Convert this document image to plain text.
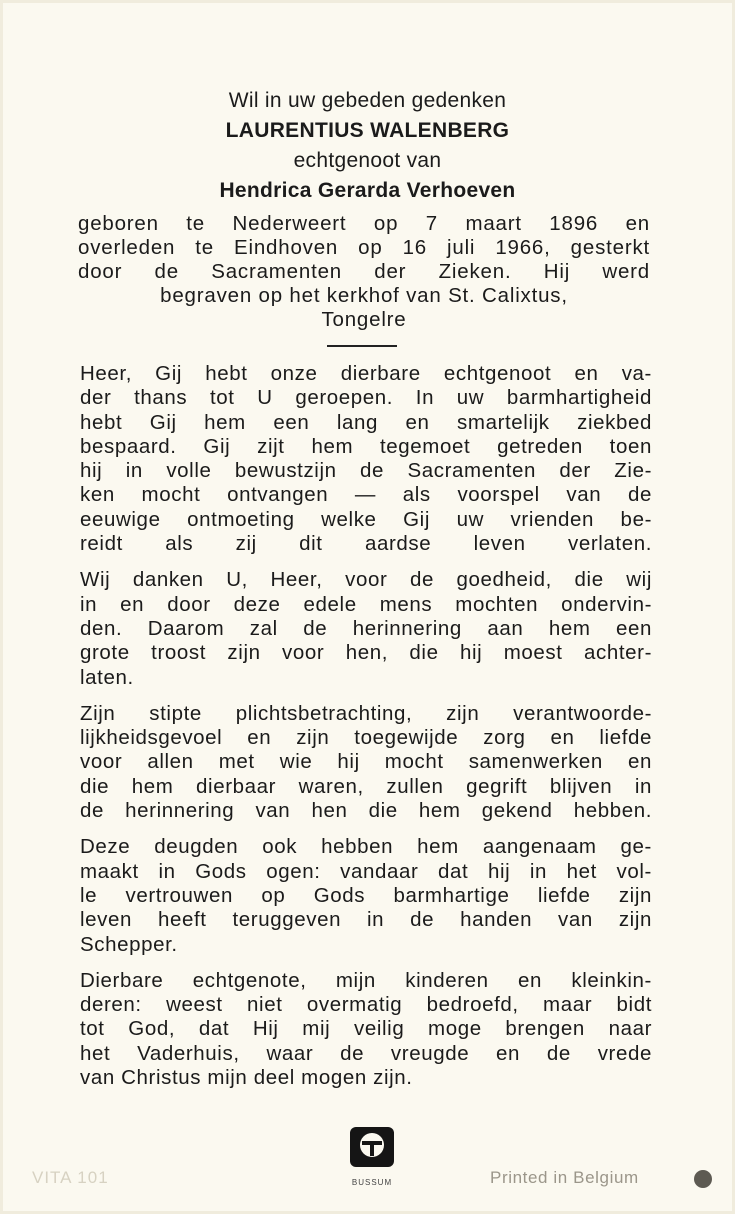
Wil in uw gebeden gedenken
LAURENTIUS WALENBERG
echtgenoot van
Hendrica Gerarda Verhoeven
geboren te Nederweert op 7 maart 1896 en
overleden te Eindhoven op 16 juli 1966, gesterkt
door de Sacramenten der Zieken. Hij werd
begraven op het kerkhof van St. Calixtus,
Tongelre
Heer, Gij hebt onze dierbare echtgenoot en va-
der thans tot U geroepen. In uw barmhartigheid
hebt Gij hem een lang en smartelijk ziekbed
bespaard. Gij zijt hem tegemoet getreden toen
hij in volle bewustzijn de Sacramenten der Zie-
ken mocht ontvangen — als voorspel van de
eeuwige ontmoeting welke Gij uw vrienden be-
reidt als zij dit aardse leven verlaten.
Wij danken U, Heer, voor de goedheid, die wij
in en door deze edele mens mochten ondervin-
den. Daarom zal de herinnering aan hem een
grote troost zijn voor hen, die hij moest achter-
laten.
Zijn stipte plichtsbetrachting, zijn verantwoorde-
lijkheidsgevoel en zijn toegewijde zorg en liefde
voor allen met wie hij mocht samenwerken en
die hem dierbaar waren, zullen gegrift blijven in
de herinnering van hen die hem gekend hebben.
Deze deugden ook hebben hem aangenaam ge-
maakt in Gods ogen: vandaar dat hij in het vol-
le vertrouwen op Gods barmhartige liefde zijn
leven heeft teruggeven in de handen van zijn
Schepper.
Dierbare echtgenote, mijn kinderen en kleinkin-
deren: weest niet overmatig bedroefd, maar bidt
tot God, dat Hij mij veilig moge brengen naar
het Vaderhuis, waar de vreugde en de vrede
van Christus mijn deel mogen zijn.
VITA 101	BUSSUM	Printed in Belgium
